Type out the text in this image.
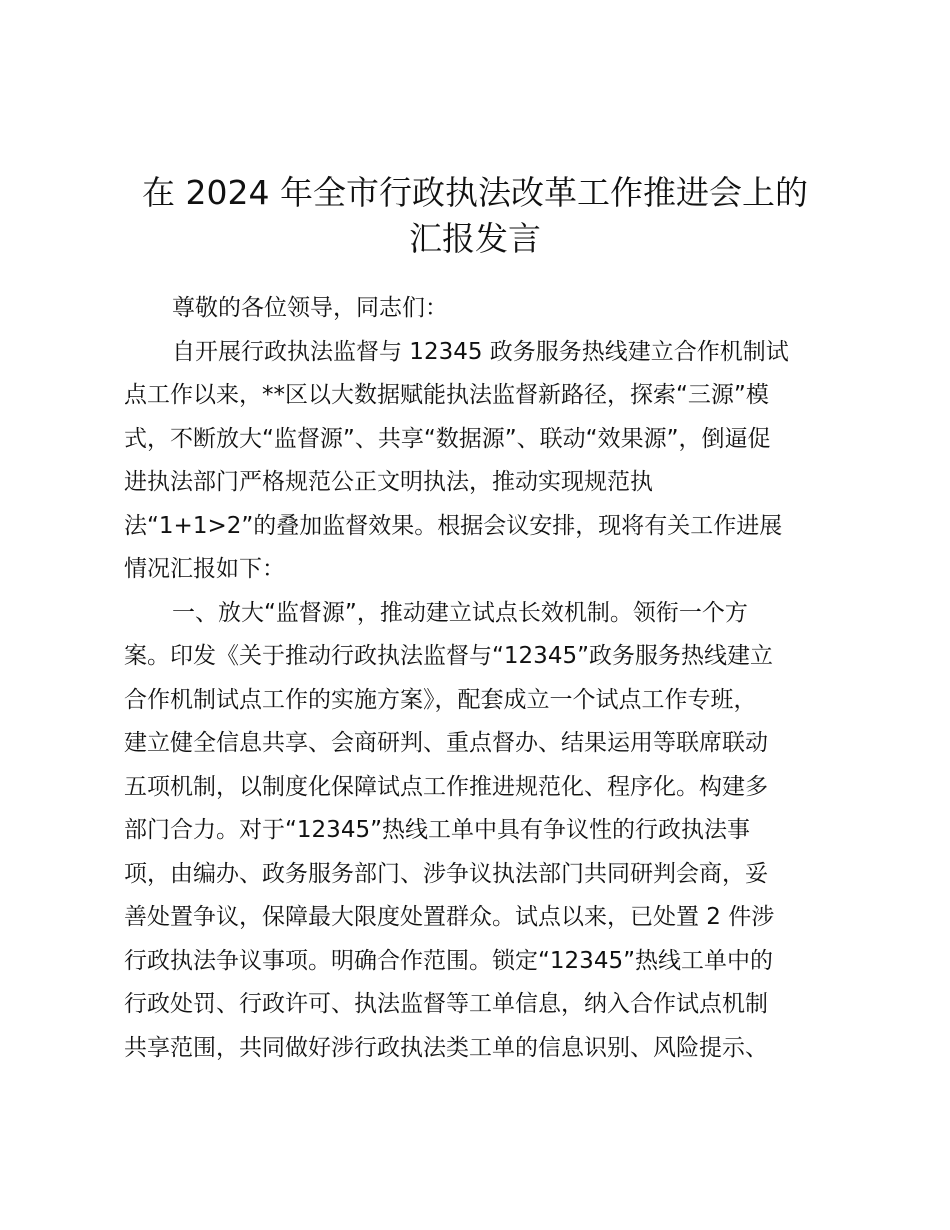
在 2024 年全市行政执法改革工作推进会上的
汇报发言
尊敬的各位领导，同志们：
自开展行政执法监督与 12345 政务服务热线建立合作机制试
点工作以来，**区以大数据赋能执法监督新路径，探索“三源”模
式，不断放大“监督源”、共享“数据源”、联动“效果源”，倒逼促
进执法部门严格规范公正文明执法，推动实现规范执
法“1+1>2”的叠加监督效果。根据会议安排，现将有关工作进展
情况汇报如下：
一、放大“监督源”，推动建立试点长效机制。领衔一个方
案。印发《关于推动行政执法监督与“12345”政务服务热线建立
合作机制试点工作的实施方案》，配套成立一个试点工作专班，
建立健全信息共享、会商研判、重点督办、结果运用等联席联动
五项机制，以制度化保障试点工作推进规范化、程序化。构建多
部门合力。对于“12345”热线工单中具有争议性的行政执法事
项，由编办、政务服务部门、涉争议执法部门共同研判会商，妥
善处置争议，保障最大限度处置群众。试点以来，已处置 2 件涉
行政执法争议事项。明确合作范围。锁定“12345”热线工单中的
行政处罚、行政许可、执法监督等工单信息，纳入合作试点机制
共享范围，共同做好涉行政执法类工单的信息识别、风险提示、
